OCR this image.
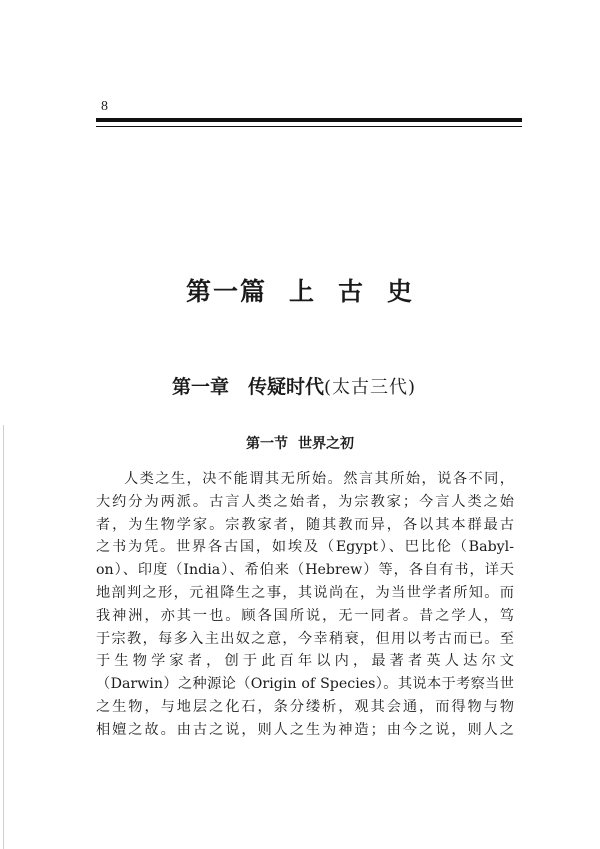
8
第一篇 上 古 史
第一章　传疑时代(太古三代)
第一节 世界之初
人类之生，决不能谓其无所始。然言其所始，说各不同，
大约分为两派。古言人类之始者，为宗教家；今言人类之始
者，为生物学家。宗教家者，随其教而异，各以其本群最古
之书为凭。世界各古国，如埃及（Egypt）、巴比伦（Babyl-
on）、印度（India）、希伯来（Hebrew）等，各自有书，详天
地剖判之形，元祖降生之事，其说尚在，为当世学者所知。而
我神洲，亦其一也。顾各国所说，无一同者。昔之学人，笃
于宗教，每多入主出奴之意，今幸稍衰，但用以考古而已。至
于生物学家者，创于此百年以内，最著者英人达尔文
（Darwin）之种源论（Origin of Species）。其说本于考察当世
之生物，与地层之化石，条分缕析，观其会通，而得物与物
相嬗之故。由古之说，则人之生为神造；由今之说，则人之
